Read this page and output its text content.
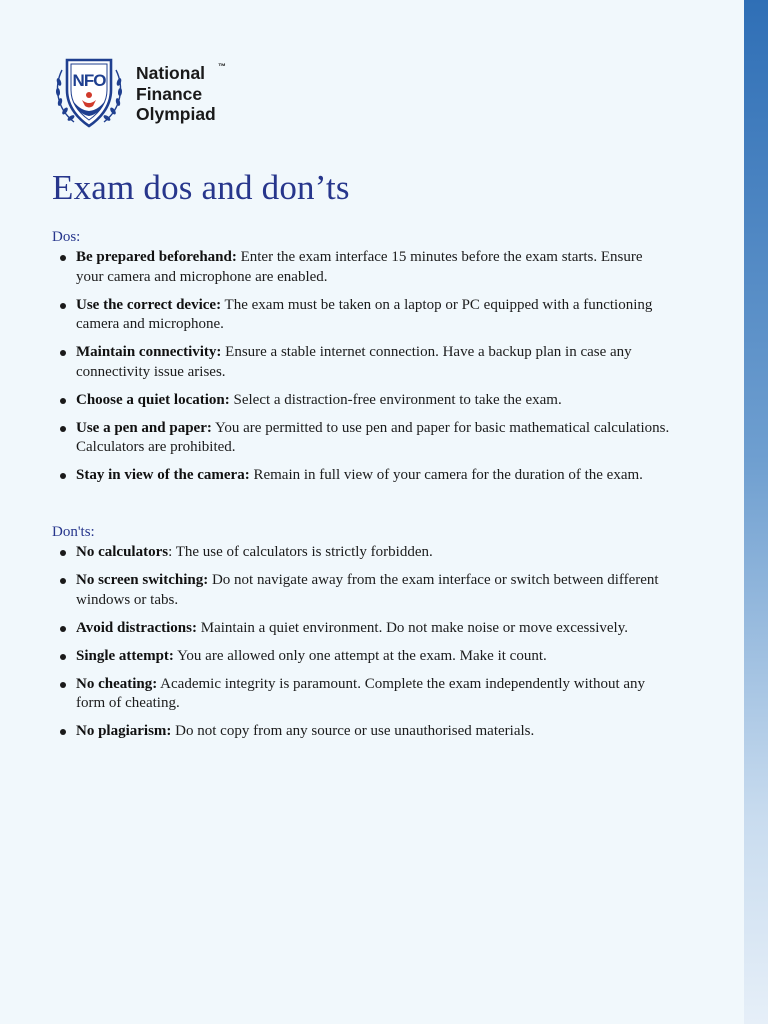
NFO National
Finance
Olympiad
™
Exam dos and don’ts
Dos:
Be prepared beforehand: Enter the exam interface 15 minutes before the exam starts. Ensure your camera and microphone are enabled.
Use the correct device: The exam must be taken on a laptop or PC equipped with a functioning camera and microphone.
Maintain connectivity: Ensure a stable internet connection. Have a backup plan in case any connectivity issue arises.
Choose a quiet location: Select a distraction-free environment to take the exam.
Use a pen and paper: You are permitted to use pen and paper for basic mathematical calculations. Calculators are prohibited.
Stay in view of the camera: Remain in full view of your camera for the duration of the exam.
Don'ts:
No calculators: The use of calculators is strictly forbidden.
No screen switching: Do not navigate away from the exam interface or switch between different windows or tabs.
Avoid distractions: Maintain a quiet environment. Do not make noise or move excessively.
Single attempt: You are allowed only one attempt at the exam. Make it count.
No cheating: Academic integrity is paramount. Complete the exam independently without any form of cheating.
No plagiarism: Do not copy from any source or use unauthorised materials.
